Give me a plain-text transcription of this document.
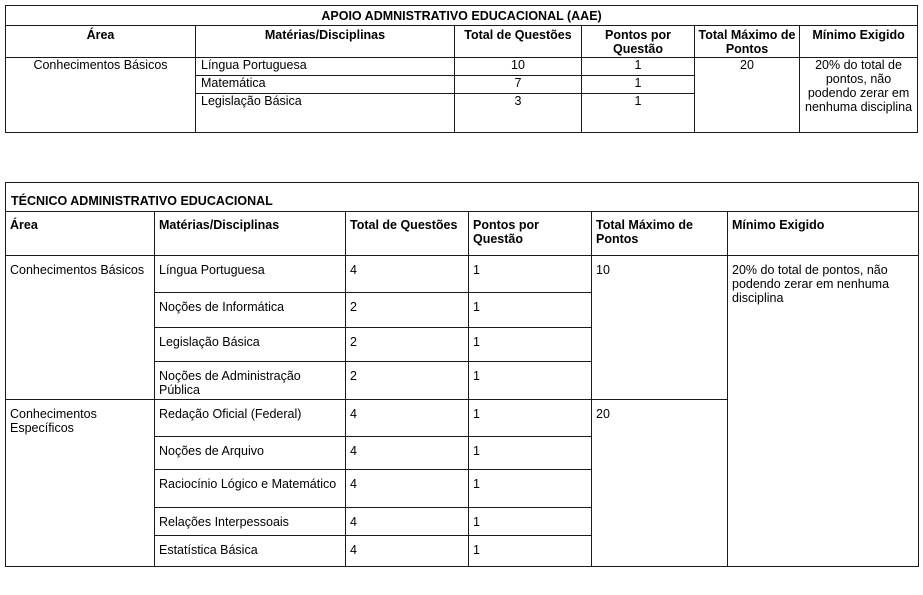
APOIO ADMNISTRATIVO EDUCACIONAL (AAE)					
Área	Matérias/Disciplinas	Total de Questões	Pontos por Questão	Total Máximo de Pontos	Mínimo Exigido
Conhecimentos Básicos	Língua Portuguesa	10	1	20	20% do total de pontos, não podendo zerar em nenhuma disciplina
	Matemática	7	1		
	Legislação Básica	3	1		
TÉCNICO ADMINISTRATIVO EDUCACIONAL					
Área	Matérias/Disciplinas	Total de Questões	Pontos por Questão	Total Máximo de Pontos	Mínimo Exigido
Conhecimentos Básicos	Língua Portuguesa	4	1	10	20% do total de pontos, não podendo zerar em nenhuma disciplina
	Noções de Informática	2	1		
	Legislação Básica	2	1		
	Noções de Administração Pública	2	1		
Conhecimentos Específicos	Redação Oficial (Federal)	4	1	20	
	Noções de Arquivo	4	1		
	Raciocínio Lógico e Matemático	4	1		
	Relações Interpessoais	4	1		
	Estatística Básica	4	1		
